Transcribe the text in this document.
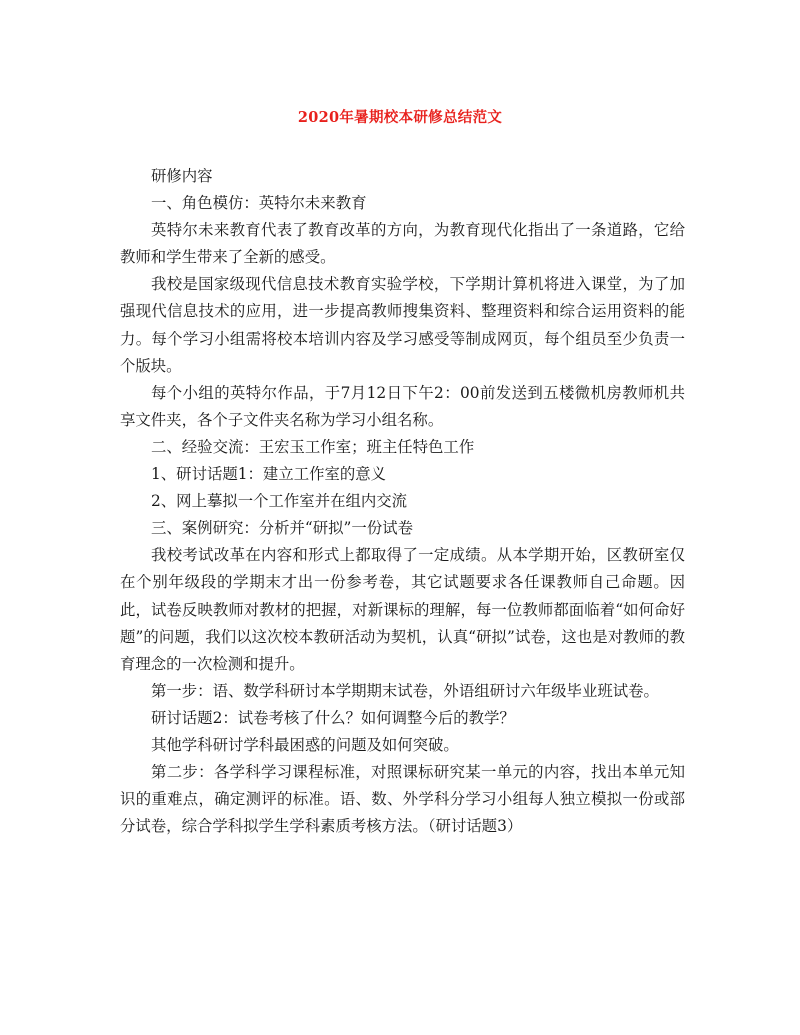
2020年暑期校本研修总结范文

研修内容

一、角色模仿：英特尔未来教育

英特尔未来教育代表了教育改革的方向，为教育现代化指出了一条道路，它给教师和学生带来了全新的感受。

我校是国家级现代信息技术教育实验学校，下学期计算机将进入课堂，为了加强现代信息技术的应用，进一步提高教师搜集资料、整理资料和综合运用资料的能力。每个学习小组需将校本培训内容及学习感受等制成网页，每个组员至少负责一个版块。

每个小组的英特尔作品，于7月12日下午2：00前发送到五楼微机房教师机共享文件夹，各个子文件夹名称为学习小组名称。

二、经验交流：王宏玉工作室；班主任特色工作

1、研讨话题1：建立工作室的意义

2、网上摹拟一个工作室并在组内交流

三、案例研究：分析并“研拟”一份试卷

我校考试改革在内容和形式上都取得了一定成绩。从本学期开始，区教研室仅在个别年级段的学期末才出一份参考卷，其它试题要求各任课教师自己命题。因此，试卷反映教师对教材的把握，对新课标的理解，每一位教师都面临着“如何命好题”的问题，我们以这次校本教研活动为契机，认真“研拟”试卷，这也是对教师的教育理念的一次检测和提升。

第一步：语、数学科研讨本学期期末试卷，外语组研讨六年级毕业班试卷。

研讨话题2：试卷考核了什么？如何调整今后的教学？

其他学科研讨学科最困惑的问题及如何突破。

第二步：各学科学习课程标准，对照课标研究某一单元的内容，找出本单元知识的重难点，确定测评的标准。语、数、外学科分学习小组每人独立模拟一份或部分试卷，综合学科拟学生学科素质考核方法。（研讨话题3）
